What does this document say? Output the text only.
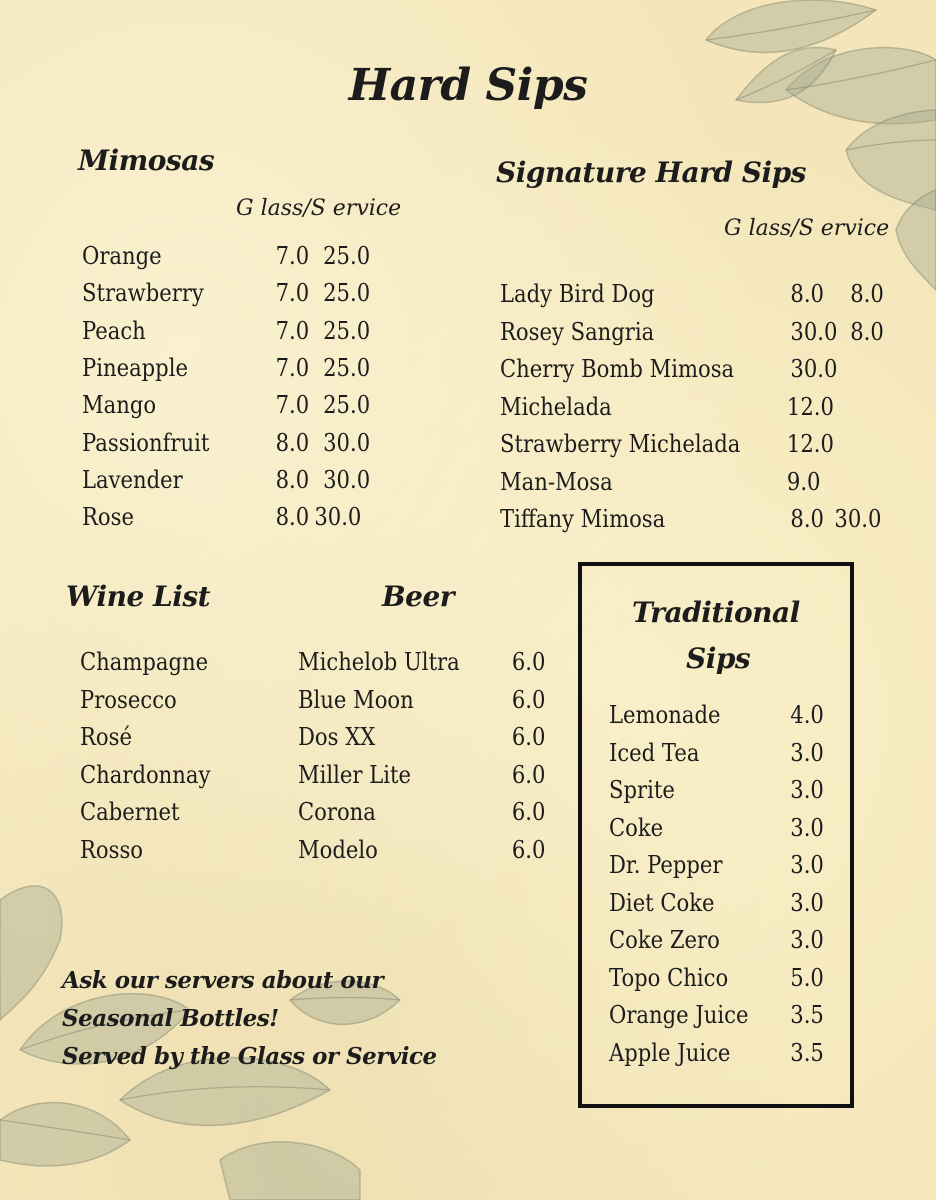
Hard Sips
Mimosas
G lass/S ervice
Orange	7.0 25.0
Strawberry	7.0 25.0
Peach	7.0 25.0
Pineapple	7.0 25.0
Mango	7.0 25.0
Passionfruit	8.0 30.0
Lavender	8.0 30.0
Rose	8.0 30.0
Signature Hard Sips
G lass/S ervice
Lady Bird Dog	8.0 8.0
Rosey Sangria	30.0 8.0
Cherry Bomb Mimosa 30.0
Michelada	12.0
Strawberry Michelada 12.0
Man-Mosa	9.0
Tiffany Mimosa	8.0 30.0
Wine List
Champagne
Prosecco
Rosé
Chardonnay
Cabernet
Rosso
Beer
Michelob Ultra 6.0
Blue Moon	6.0
Dos XX	6.0
Miller Lite	6.0
Corona	6.0
Modelo	6.0
Traditional
Sips
Lemonade	4.0
Iced Tea	3.0
Sprite	3.0
Coke	3.0
Dr. Pepper	3.0
Diet Coke	3.0
Coke Zero	3.0
Topo Chico	5.0
Orange Juice 3.5
Apple Juice 3.5
Ask our servers about our
Seasonal Bottles!
Served by the Glass or Service
